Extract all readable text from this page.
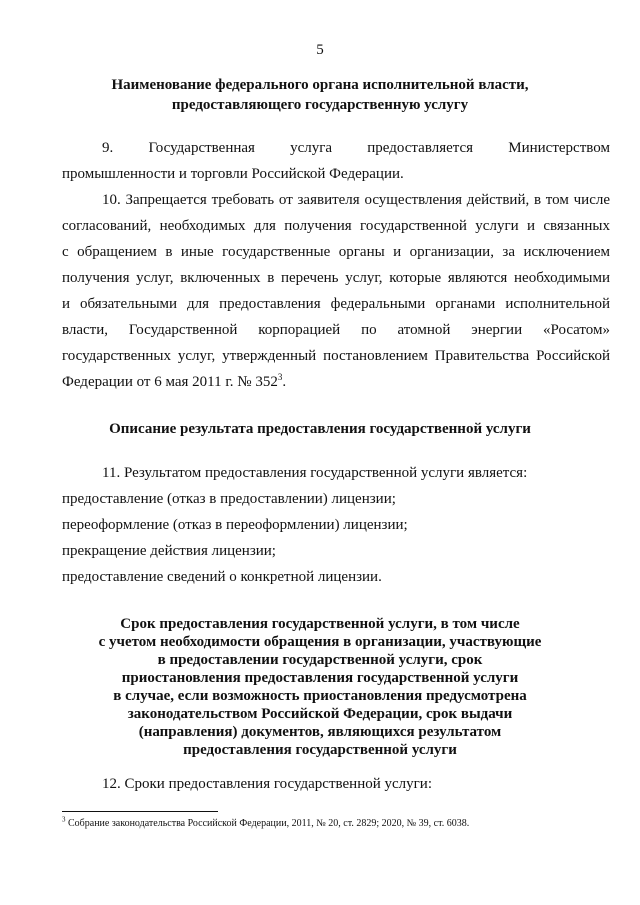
5
Наименование федерального органа исполнительной власти,
предоставляющего государственную услугу
9. Государственная услуга предоставляется Министерством
промышленности и торговли Российской Федерации.
10. Запрещается требовать от заявителя осуществления действий, в том числе
согласований, необходимых для получения государственной услуги и связанных
с обращением в иные государственные органы и организации, за исключением
получения услуг, включенных в перечень услуг, которые являются необходимыми
и обязательными для предоставления федеральными органами исполнительной
власти, Государственной корпорацией по атомной энергии «Росатом»
государственных услуг, утвержденный постановлением Правительства Российской
Федерации от 6 мая 2011 г. № $352^3$.
Описание результата предоставления государственной услуги
11. Результатом предоставления государственной услуги является:
предоставление (отказ в предоставлении) лицензии;
переоформление (отказ в переоформлении) лицензии;
прекращение действия лицензии;
предоставление сведений о конкретной лицензии.
Срок предоставления государственной услуги, в том числе
с учетом необходимости обращения в организации, участвующие
в предоставлении государственной услуги, срок
приостановления предоставления государственной услуги
в случае, если возможность приостановления предусмотрена
законодательством Российской Федерации, срок выдачи
(направления) документов, являющихся результатом
предоставления государственной услуги
12. Сроки предоставления государственной услуги:
$^3$ Собрание законодательства Российской Федерации, 2011, № 20, ст. 2829; 2020, № 39, ст. 6038.
